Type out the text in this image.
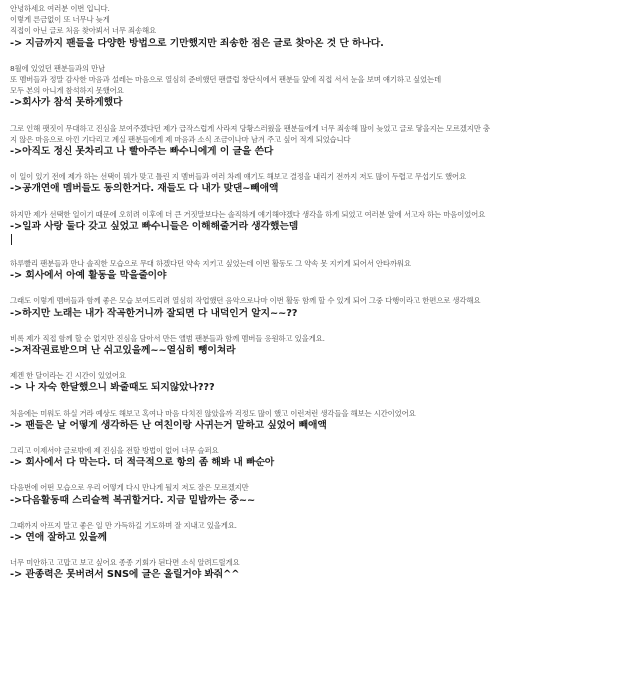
안녕하세요 여러분 이번 입니다.

이렇게 른금없이 또 너무나 늦게

직접이 아닌 글로 처음 찾아뵈서 너무 죄송해요

-> 지금까지 팬들을 다양한 방법으로 기만했지만 죄송한 점은 글로 찾아온 것 단 하나다.

8월에 있었던 팬분들과의 만남

또 멤버들과 정말 감사한 마음과 설레는 마음으로 열심히 준비했던 팬클럽 창단식에서 팬분들 앞에 직접 서서 눈을 보며 얘기하고 싶었는데

모두 본의 아니게 참석하지 못했어요

->회사가 참석 못하게했다

그로 인해 팻짓이 무대하고 진심을 보여주겠다던 제가 급작스럽게 사라져 당황스러웠을 팬분들에게 너무 죄송해 많이 늦었고 글로 닿을지는 모르겠지만 충

지 않은 마음으로 아낀 기다리고 계실 팬분들에게 제 마음과 소식 조금이나마 남겨 주고 싶어 적게 되었습니다

->아직도 정신 못차리고 나 빨아주는 빠수니에게 이 글을 쓴다

이 일이 있기 전에 제가 하는 선택이 뭐가 맞고 틀린 지 멤버들과 여러 차례 얘기도 해보고 결정을 내리기 전까지 저도 많이 두렵고 무섭기도 했어요

->공개연애 멤버들도 동의한거다. 재들도 다 내가 맞댄~빼애액

하지만 제가 선택한 일이기 때문에 오히려 이후에 더 큰 거짓말보다는 솔직하게 얘기해야겠다 생각을 하게 되었고 여러분 앞에 서고자 하는 마음이었어요

->일과 사랑 둘다 갖고 싶었고 빠수니들은 이해해줄거라 생각했는뎀

하루빨리 팬분들과 만나 솔직한 모습으로 무대 하겠다던 약속 지키고 싶었는데 이번 활동도 그 약속 못 지키게 되어서 안타까워요

-> 회사에서 아예 활동을 막을줄이야

그래도 이렇게 멤버들과 함께 좋은 모습 보여드리려 열심히 작업했던 음악으로나마 이번 활동 함께 할 수 있게 되어 그중 다행이라고 한편으로 생각해요

->하지만 노래는 내가 작곡한거니까 잘되면 다 내덕인거 알지~~??

비록 제가 직접 함께 할 순 없지만 진심을 담아서 만든 앨범 팬분들과 함께 멤버들 응원하고 있을게요.

->저작권료받으며 난 쉬고있을께~~열심히 뺑이쳐라

제겐 한 달이라는 긴 시간이 있었어요

-> 나 자숙 한달했으니 봐줄때도 되지않았나???

처음에는 미워도 하실 거라 예상도 해보고 혹여나 마음 다치진 않았을까 걱정도 많이 했고 이런저런 생각들을 해보는 시간이었어요

-> 팬들은 날 어떻게 생각하든 난 여친이랑 사귀는거 말하고 싶었어 빼애액

그리고 이제서야 글로밖에 제 진심을 전할 방법이 없어 너무 슬퍼요

-> 회사에서 다 막는다. 더 적극적으로 항의 좀 해봐 내 빠순아

다음번에 어떤 모습으로 우리 어떻게 다시 만나게 될지 저도 잘은 모르겠지만

->다음활동때 스리슬쩍 복귀할거다. 지금 밑밥까는 중~~

그때까지 아프지 말고 좋은 일 만 가득하길 기도하며 잘 지내고 있을게요.

-> 연애 잘하고 있을께

너무 미안하고 고맙고 보고 싶어요 종종 기회가 된다면 소식 알려드릴게요

-> 관종력은 못버려서 SNS에 글은 올릴거야 봐줘^^
